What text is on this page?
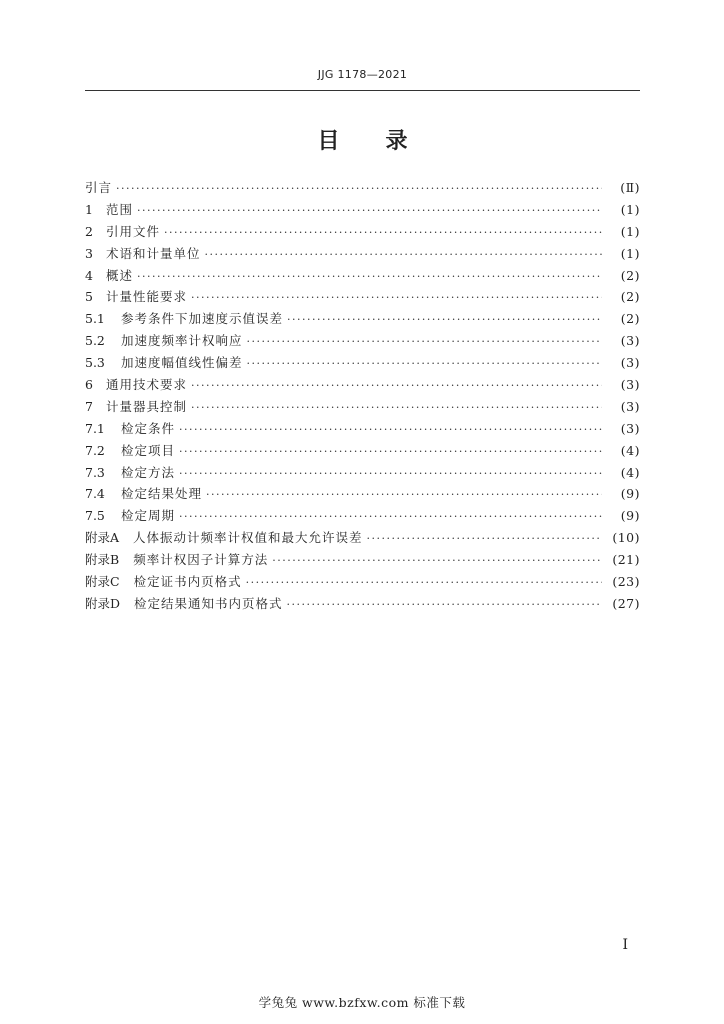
JJG 1178—2021
目录
引言 ·····	(Ⅱ)
1	范围 ·····	(1)
2	引用文件 ·····	(1)
3	术语和计量单位 ·····	(1)
4	概述 ·····	(2)
5	计量性能要求 ·····	(2)
5.1	参考条件下加速度示值误差 ·····	(2)
5.2	加速度频率计权响应 ·····	(3)
5.3	加速度幅值线性偏差 ·····	(3)
6	通用技术要求 ·····	(3)
7	计量器具控制 ·····	(3)
7.1	检定条件 ·····	(3)
7.2	检定项目 ·····	(4)
7.3	检定方法 ·····	(4)
7.4	检定结果处理 ·····	(9)
7.5	检定周期 ·····	(9)
附录A 人体振动计频率计权值和最大允许误差 ·····	(10)
附录B 频率计权因子计算方法 ·····	(21)
附录C 检定证书内页格式 ·····	(23)
附录D 检定结果通知书内页格式 ·····	(27)
I
学兔兔 www.bzfxw.com 标准下载
